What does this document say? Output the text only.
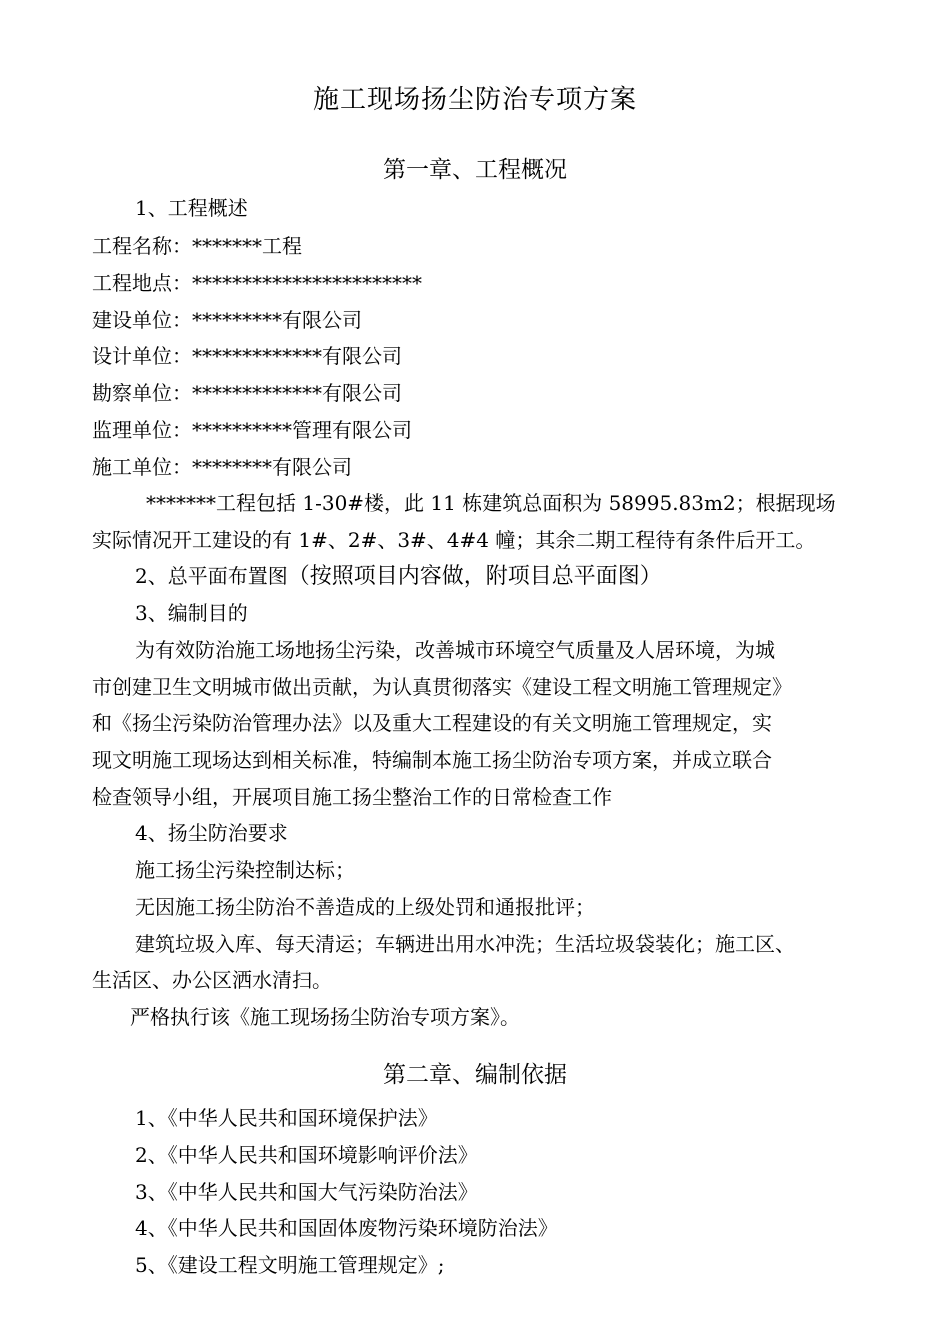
施工现场扬尘防治专项方案
第一章、工程概况
1、工程概述
工程名称：*******工程
工程地点：***********************
建设单位：*********有限公司
设计单位：*************有限公司
勘察单位：*************有限公司
监理单位：**********管理有限公司
施工单位：********有限公司
*******工程包括 1-30#楼，此 11 栋建筑总面积为 58995.83m2；根据现场
实际情况开工建设的有 1#、2#、3#、4#4 幢；其余二期工程待有条件后开工。
2、总平面布置图（按照项目内容做，附项目总平面图）
3、编制目的
为有效防治施工场地扬尘污染，改善城市环境空气质量及人居环境，为城
市创建卫生文明城市做出贡献，为认真贯彻落实《建设工程文明施工管理规定》
和《扬尘污染防治管理办法》以及重大工程建设的有关文明施工管理规定，实
现文明施工现场达到相关标准，特编制本施工扬尘防治专项方案，并成立联合
检查领导小组，开展项目施工扬尘整治工作的日常检查工作
4、扬尘防治要求
施工扬尘污染控制达标；
无因施工扬尘防治不善造成的上级处罚和通报批评；
建筑垃圾入库、每天清运；车辆进出用水冲洗；生活垃圾袋装化；施工区、
生活区、办公区洒水清扫。
严格执行该《施工现场扬尘防治专项方案》。
第二章、编制依据
1、《中华人民共和国环境保护法》
2、《中华人民共和国环境影响评价法》
3、《中华人民共和国大气污染防治法》
4、《中华人民共和国固体废物污染环境防治法》
5、《建设工程文明施工管理规定》;
